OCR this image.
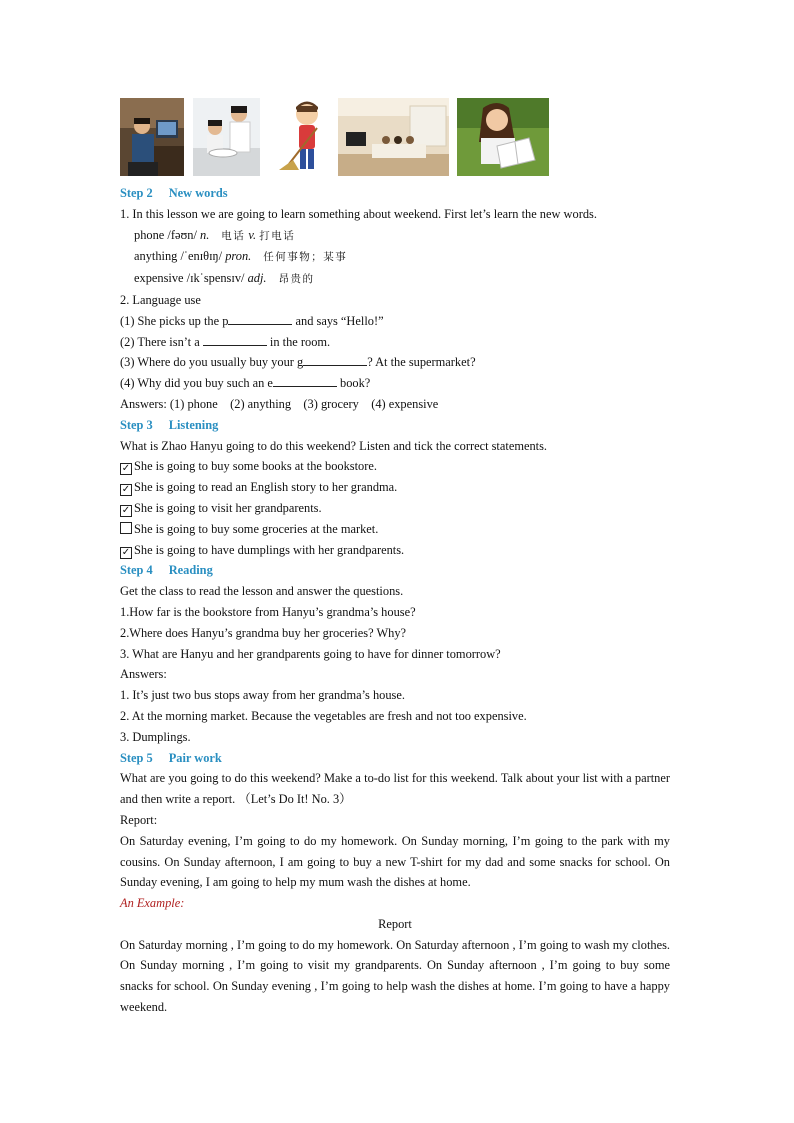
Step 2 New words
1. In this lesson we are going to learn something about weekend. First let’s learn the new words.
phone /fəʊn/ n. 电话 v. 打电话
anything /ˈenɪθɪŋ/ pron. 任何事物；某事
expensive /ɪkˈspensɪv/ adj. 昂贵的
2. Language use
(1) She picks up the p	and says “Hello!”
(2) There isn’t a	in the room.
(3) Where do you usually buy your g	? At the supermarket?
(4) Why did you buy such an e	book?
Answers: (1) phone    (2) anything    (3) grocery    (4) expensive
Step 3 Listening
What is Zhao Hanyu going to do this weekend? Listen and tick the correct statements.
✓ She is going to buy some books at the bookstore.
✓ She is going to read an English story to her grandma.
✓ She is going to visit her grandparents.
She is going to buy some groceries at the market.
✓ She is going to have dumplings with her grandparents.
Step 4 Reading
Get the class to read the lesson and answer the questions.
1.How far is the bookstore from Hanyu’s grandma’s house?
2.Where does Hanyu’s grandma buy her groceries? Why?
3. What are Hanyu and her grandparents going to have for dinner tomorrow?
Answers:
1. It’s just two bus stops away from her grandma’s house.
2. At the morning market. Because the vegetables are fresh and not too expensive.
3. Dumplings.
Step 5 Pair work
What are you going to do this weekend? Make a to-do list for this weekend. Talk about your list with a partner and then write a report. （Let’s Do It! No. 3）
Report:
On Saturday evening, I’m going to do my homework. On Sunday morning, I’m going to the park with my cousins. On Sunday afternoon, I am going to buy a new T-shirt for my dad and some snacks for school. On Sunday evening, I am going to help my mum wash the dishes at home.
An Example:
Report
On Saturday morning , I’m going to do my homework. On Saturday afternoon , I’m going to wash my clothes. On Sunday morning , I’m going to visit my grandparents. On Sunday afternoon , I’m going to buy some snacks for school. On Sunday evening , I’m going to help wash the dishes at home. I’m going to have a happy weekend.
